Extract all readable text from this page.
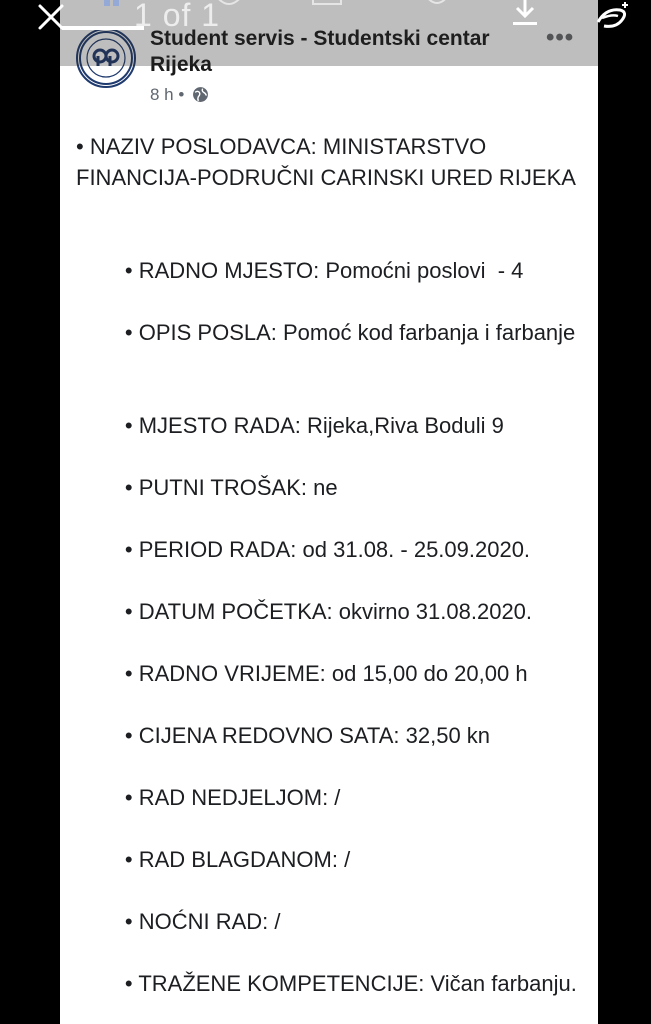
Student servis - Studentski centar Rijeka
8 h •
•••
• NAZIV POSLODAVCA: MINISTARSTVO FINANCIJA-PODRUČNI CARINSKI URED RIJEKA
• RADNO MJESTO: Pomoćni poslovi  - 4
• OPIS POSLA: Pomoć kod farbanja i farbanje
• MJESTO RADA: Rijeka,Riva Boduli 9
• PUTNI TROŠAK: ne
• PERIOD RADA: od 31.08. - 25.09.2020.
• DATUM POČETKA: okvirno 31.08.2020.
• RADNO VRIJEME: od 15,00 do 20,00 h
• CIJENA REDOVNO SATA: 32,50 kn
• RAD NEDJELJOM: /
• RAD BLAGDANOM: /
• NOĆNI RAD: /
• TRAŽENE KOMPETENCIJE: Vičan farbanju.
1 of 1
